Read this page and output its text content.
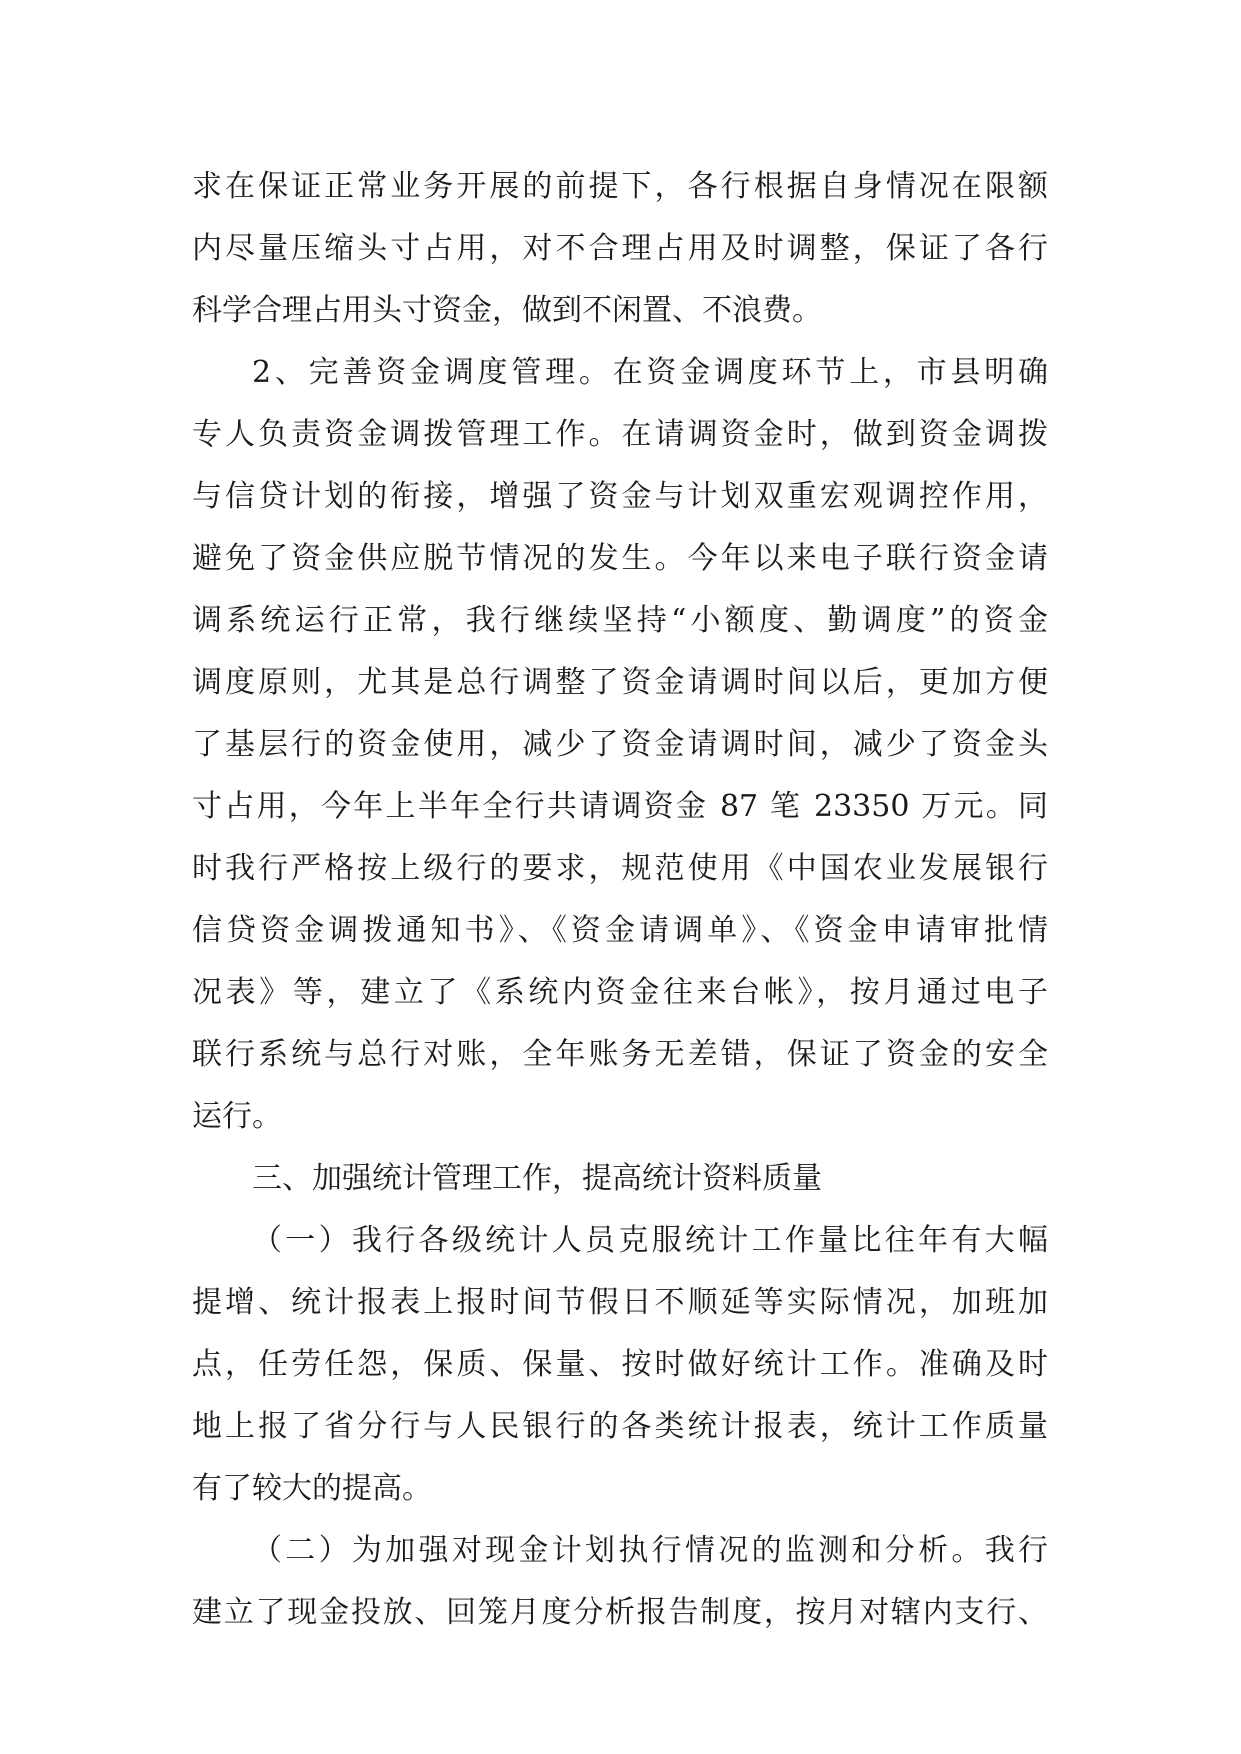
求在保证正常业务开展的前提下，各行根据自身情况在限额
内尽量压缩头寸占用，对不合理占用及时调整，保证了各行
科学合理占用头寸资金，做到不闲置、不浪费。
2、完善资金调度管理。在资金调度环节上，市县明确
专人负责资金调拨管理工作。在请调资金时，做到资金调拨
与信贷计划的衔接，增强了资金与计划双重宏观调控作用，
避免了资金供应脱节情况的发生。今年以来电子联行资金请
调系统运行正常，我行继续坚持“小额度、勤调度”的资金
调度原则，尤其是总行调整了资金请调时间以后，更加方便
了基层行的资金使用，减少了资金请调时间，减少了资金头
寸占用，今年上半年全行共请调资金 87 笔 23350 万元。同
时我行严格按上级行的要求，规范使用《中国农业发展银行
信贷资金调拨通知书》、《资金请调单》、《资金申请审批情
况表》等，建立了《系统内资金往来台帐》，按月通过电子
联行系统与总行对账，全年账务无差错，保证了资金的安全
运行。
三、加强统计管理工作，提高统计资料质量
（一）我行各级统计人员克服统计工作量比往年有大幅
提增、统计报表上报时间节假日不顺延等实际情况，加班加
点，任劳任怨，保质、保量、按时做好统计工作。准确及时
地上报了省分行与人民银行的各类统计报表，统计工作质量
有了较大的提高。
（二）为加强对现金计划执行情况的监测和分析。我行
建立了现金投放、回笼月度分析报告制度，按月对辖内支行、
